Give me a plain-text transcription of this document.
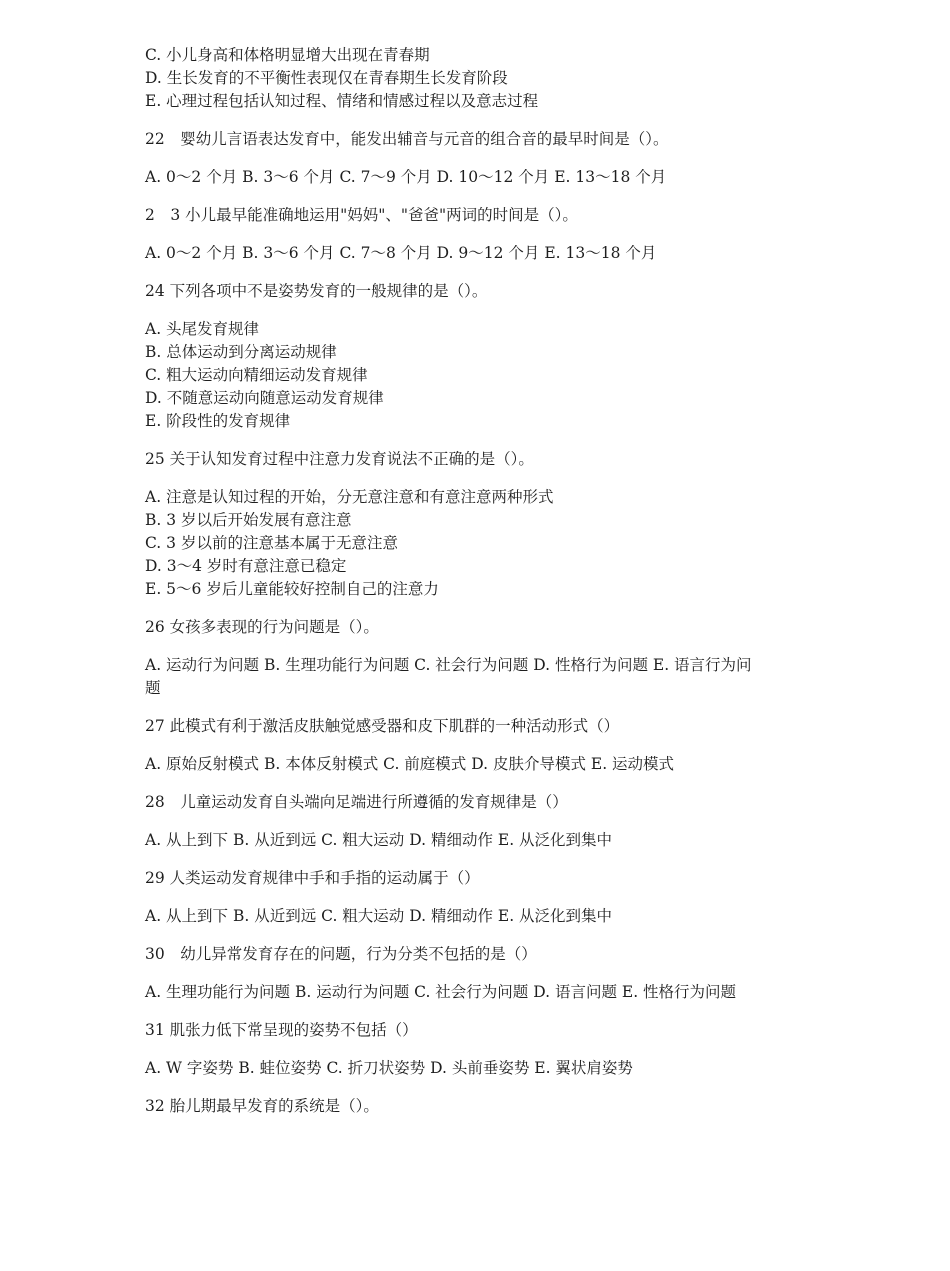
C. 小儿身高和体格明显增大出现在青春期

D. 生长发育的不平衡性表现仅在青春期生长发育阶段

E. 心理过程包括认知过程、情绪和情感过程以及意志过程

22　婴幼儿言语表达发育中，能发出辅音与元音的组合音的最早时间是（）。

A. 0～2 个月 B. 3～6 个月 C. 7～9 个月 D. 10～12 个月 E. 13～18 个月

2　3 小儿最早能准确地运用"妈妈"、"爸爸"两词的时间是（）。

A. 0～2 个月 B. 3～6 个月 C. 7～8 个月 D. 9～12 个月 E. 13～18 个月

24 下列各项中不是姿势发育的一般规律的是（）。

A. 头尾发育规律

B. 总体运动到分离运动规律

C. 粗大运动向精细运动发育规律

D. 不随意运动向随意运动发育规律

E. 阶段性的发育规律

25 关于认知发育过程中注意力发育说法不正确的是（）。

A. 注意是认知过程的开始，分无意注意和有意注意两种形式

B. 3 岁以后开始发展有意注意

C. 3 岁以前的注意基本属于无意注意

D. 3～4 岁时有意注意已稳定

E. 5～6 岁后儿童能较好控制自己的注意力

26 女孩多表现的行为问题是（）。

A. 运动行为问题 B. 生理功能行为问题 C. 社会行为问题 D. 性格行为问题 E. 语言行为问

题

27 此模式有利于激活皮肤触觉感受器和皮下肌群的一种活动形式（）

A. 原始反射模式 B. 本体反射模式 C. 前庭模式 D. 皮肤介导模式 E. 运动模式

28　儿童运动发育自头端向足端进行所遵循的发育规律是（）

A. 从上到下 B. 从近到远 C. 粗大运动 D. 精细动作 E. 从泛化到集中

29 人类运动发育规律中手和手指的运动属于（）

A. 从上到下 B. 从近到远 C. 粗大运动 D. 精细动作 E. 从泛化到集中

30　幼儿异常发育存在的问题，行为分类不包括的是（）

A. 生理功能行为问题 B. 运动行为问题 C. 社会行为问题 D. 语言问题 E. 性格行为问题

31 肌张力低下常呈现的姿势不包括（）

A. W 字姿势 B. 蛙位姿势 C. 折刀状姿势 D. 头前垂姿势 E. 翼状肩姿势

32 胎儿期最早发育的系统是（）。
